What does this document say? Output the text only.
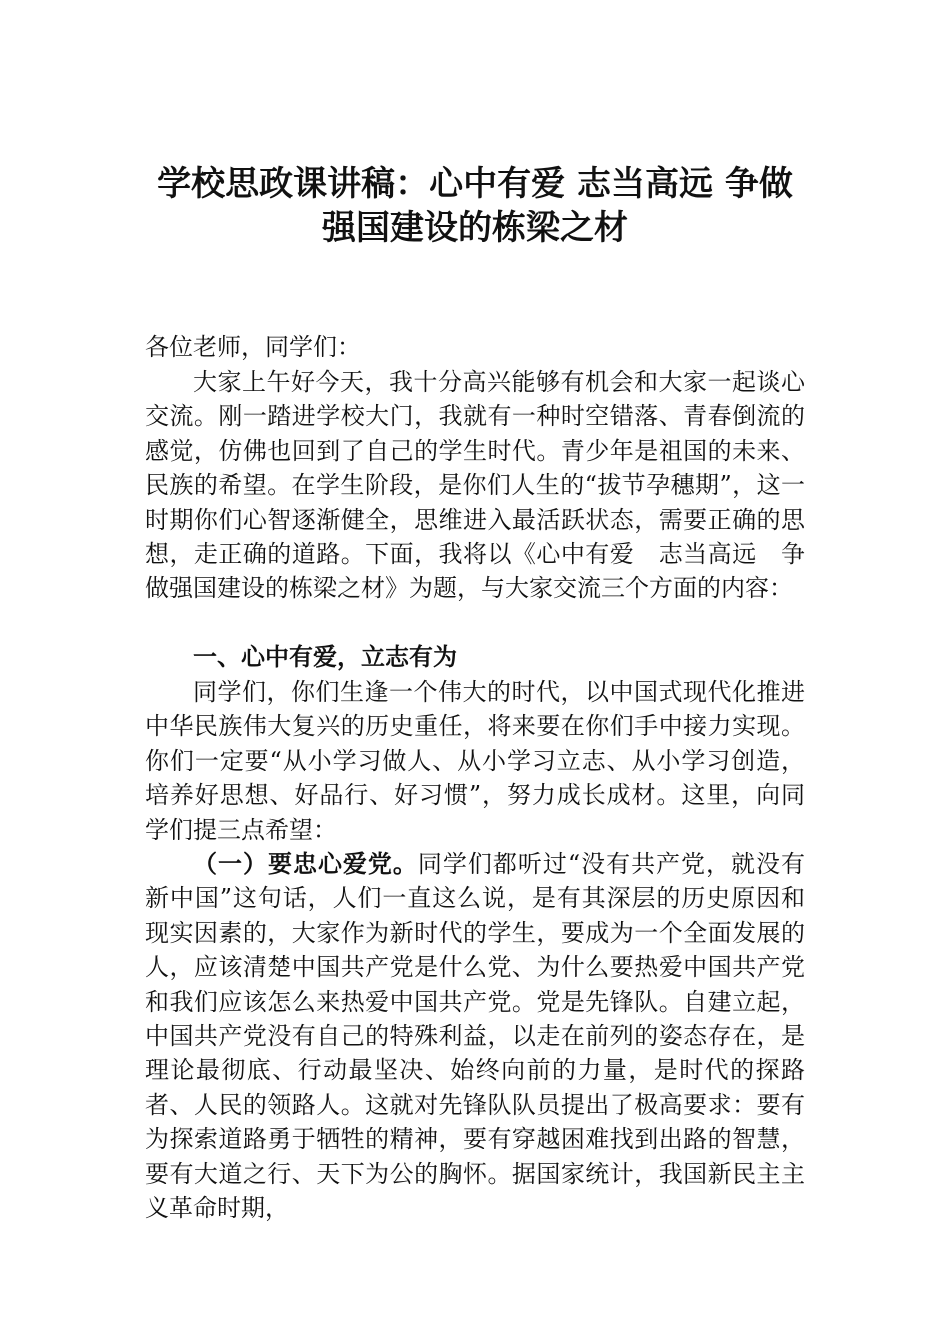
学校思政课讲稿：心中有爱 志当高远 争做
强国建设的栋梁之材
各位老师，同学们：

大家上午好今天，我十分高兴能够有机会和大家一起谈心交流。刚一踏进学校大门，我就有一种时空错落、青春倒流的感觉，仿佛也回到了自己的学生时代。青少年是祖国的未来、民族的希望。在学生阶段，是你们人生的“拔节孕穗期”，这一时期你们心智逐渐健全，思维进入最活跃状态，需要正确的思想，走正确的道路。下面，我将以《心中有爱　志当高远　争做强国建设的栋梁之材》为题，与大家交流三个方面的内容：

一、心中有爱，立志有为

同学们，你们生逢一个伟大的时代，以中国式现代化推进中华民族伟大复兴的历史重任，将来要在你们手中接力实现。你们一定要“从小学习做人、从小学习立志、从小学习创造，培养好思想、好品行、好习惯”，努力成长成材。这里，向同学们提三点希望：

（一）要忠心爱党。同学们都听过“没有共产党，就没有新中国”这句话，人们一直这么说，是有其深层的历史原因和现实因素的，大家作为新时代的学生，要成为一个全面发展的人，应该清楚中国共产党是什么党、为什么要热爱中国共产党和我们应该怎么来热爱中国共产党。党是先锋队。自建立起，中国共产党没有自己的特殊利益，以走在前列的姿态存在，是理论最彻底、行动最坚决、始终向前的力量，是时代的探路者、人民的领路人。这就对先锋队队员提出了极高要求：要有为探索道路勇于牺牲的精神，要有穿越困难找到出路的智慧，要有大道之行、天下为公的胸怀。据国家统计，我国新民主主义革命时期，
